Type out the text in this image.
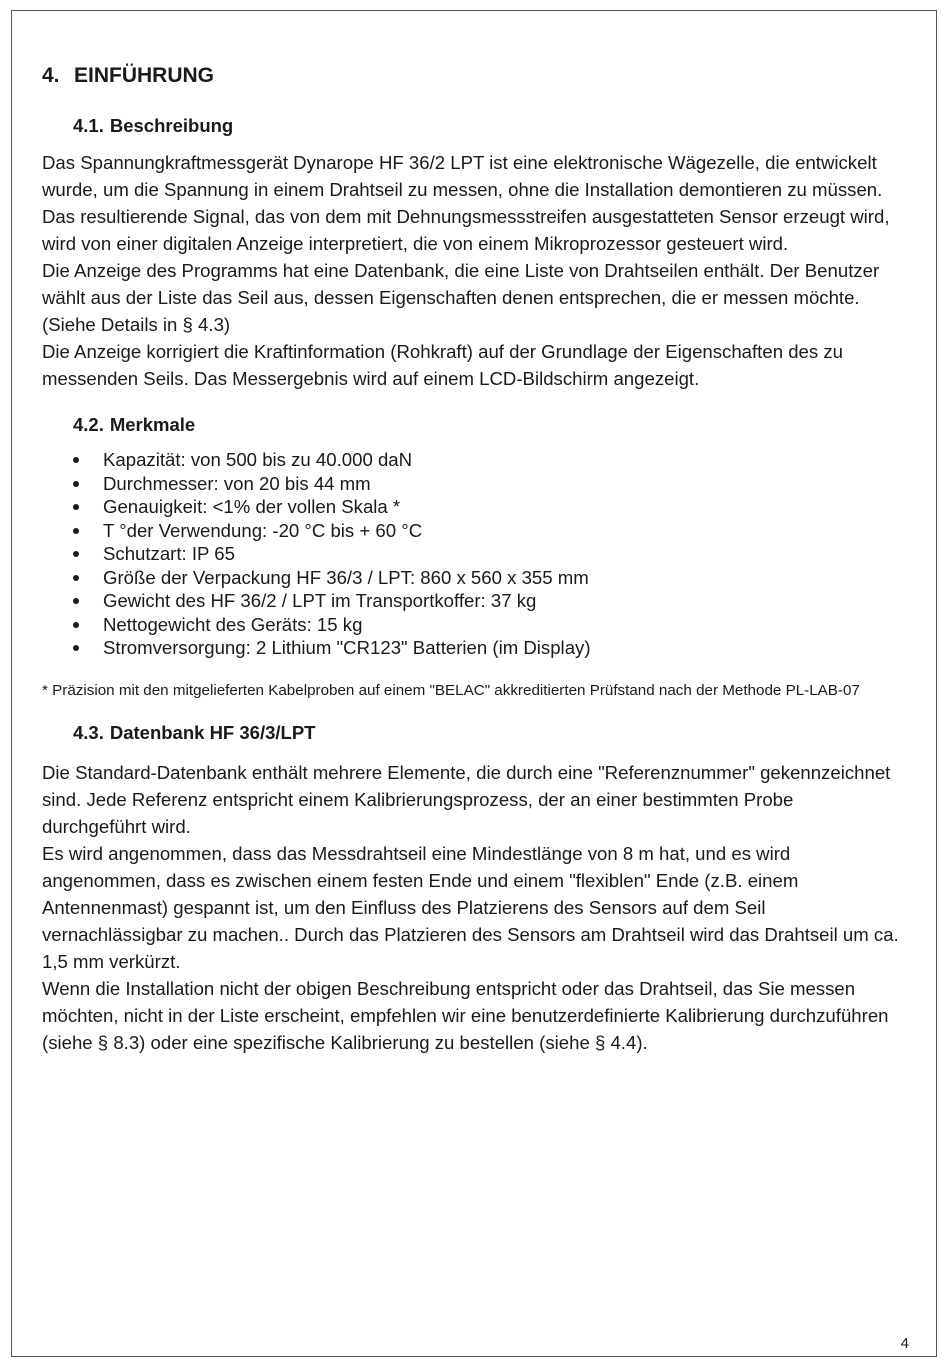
4. EINFÜHRUNG
4.1. Beschreibung

Das Spannungkraftmessgerät Dynarope HF 36/2 LPT ist eine elektronische Wägezelle, die entwickelt wurde, um die Spannung in einem Drahtseil zu messen, ohne die Installation demontieren zu müssen.

Das resultierende Signal, das von dem mit Dehnungsmessstreifen ausgestatteten Sensor erzeugt wird, wird von einer digitalen Anzeige interpretiert, die von einem Mikroprozessor gesteuert wird.

Die Anzeige des Programms hat eine Datenbank, die eine Liste von Drahtseilen enthält. Der Benutzer wählt aus der Liste das Seil aus, dessen Eigenschaften denen entsprechen, die er messen möchte. (Siehe Details in § 4.3)

Die Anzeige korrigiert die Kraftinformation (Rohkraft) auf der Grundlage der Eigenschaften des zu messenden Seils. Das Messergebnis wird auf einem LCD-Bildschirm angezeigt.

4.2. Merkmale
Kapazität: von 500 bis zu 40.000 daN
Durchmesser: von 20 bis 44 mm
Genauigkeit: <1% der vollen Skala *
T °der Verwendung: -20 °C bis + 60 °C
Schutzart: IP 65
Größe der Verpackung HF 36/3 / LPT: 860 x 560 x 355 mm
Gewicht des HF 36/2 / LPT im Transportkoffer: 37 kg
Nettogewicht des Geräts: 15 kg
Stromversorgung: 2 Lithium "CR123" Batterien (im Display)

* Präzision mit den mitgelieferten Kabelproben auf einem "BELAC" akkreditierten Prüfstand nach der Methode PL-LAB-07

4.3. Datenbank HF 36/3/LPT

Die Standard-Datenbank enthält mehrere Elemente, die durch eine "Referenznummer" gekennzeichnet sind. Jede Referenz entspricht einem Kalibrierungsprozess, der an einer bestimmten Probe durchgeführt wird.

Es wird angenommen, dass das Messdrahtseil eine Mindestlänge von 8 m hat, und es wird angenommen, dass es zwischen einem festen Ende und einem "flexiblen" Ende (z.B. einem Antennenmast) gespannt ist, um den Einfluss des Platzierens des Sensors auf dem Seil vernachlässigbar zu machen.. Durch das Platzieren des Sensors am Drahtseil wird das Drahtseil um ca. 1,5 mm verkürzt.

Wenn die Installation nicht der obigen Beschreibung entspricht oder das Drahtseil, das Sie messen möchten, nicht in der Liste erscheint, empfehlen wir eine benutzerdefinierte Kalibrierung durchzuführen (siehe § 8.3) oder eine spezifische Kalibrierung zu bestellen (siehe § 4.4).

4
